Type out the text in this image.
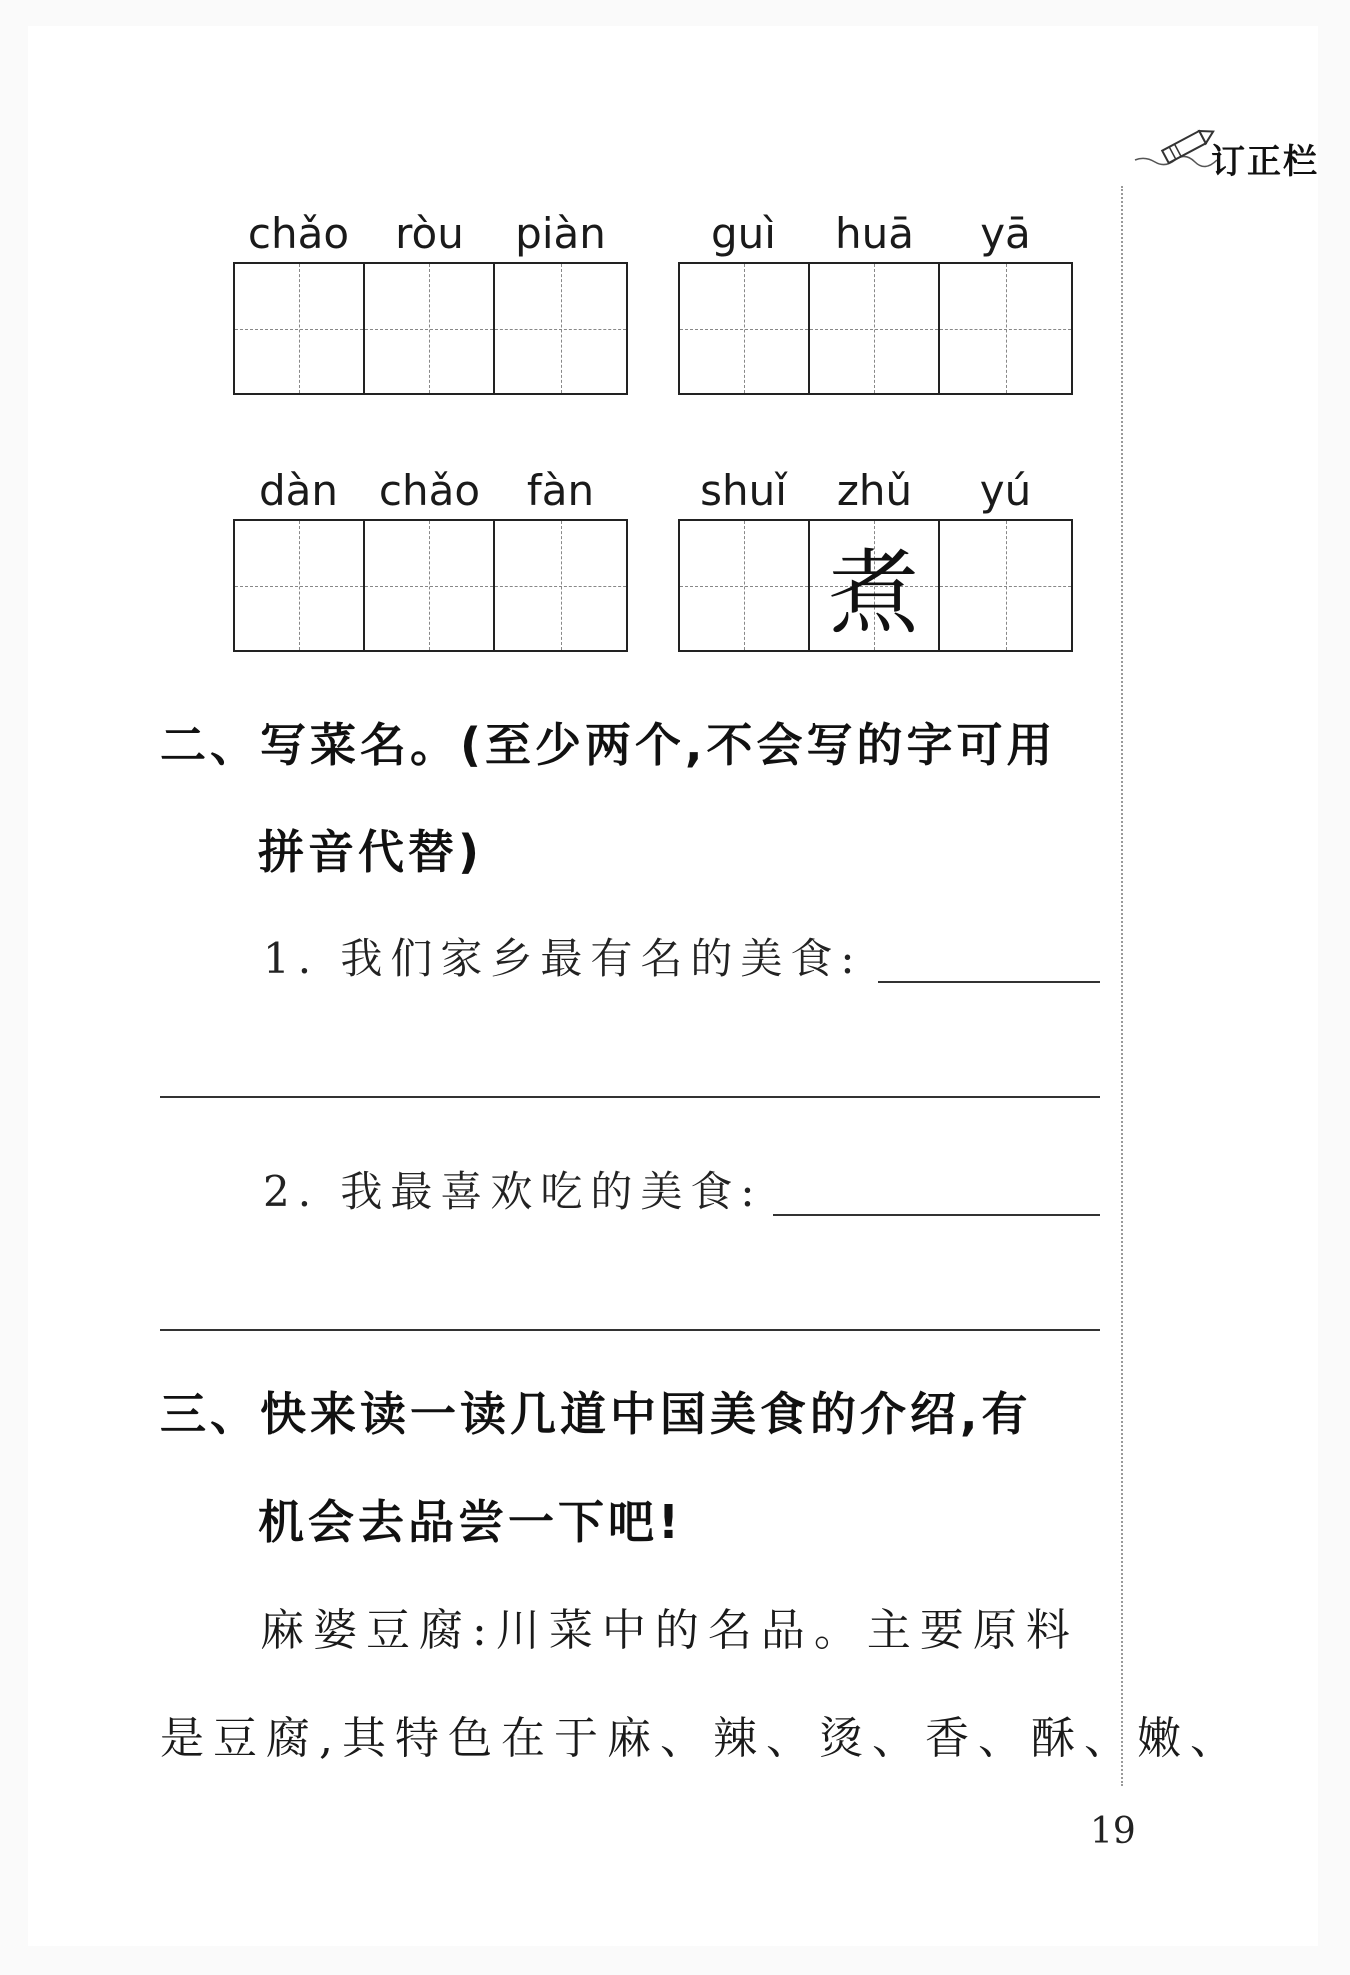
订正栏
chǎo	ròu	piàn	guì	huā	yā
dàn chǎo	fàn	shuǐ	zhǔ	yú
煮
二、写菜名。(至少两个,不会写的字可用
拼音代替)
1. 我们家乡最有名的美食:
2. 我最喜欢吃的美食:
三、快来读一读几道中国美食的介绍,有
机会去品尝一下吧!
麻婆豆腐:川菜中的名品。主要原料
是豆腐,其特色在于麻、辣、烫、香、酥、嫩、
19
